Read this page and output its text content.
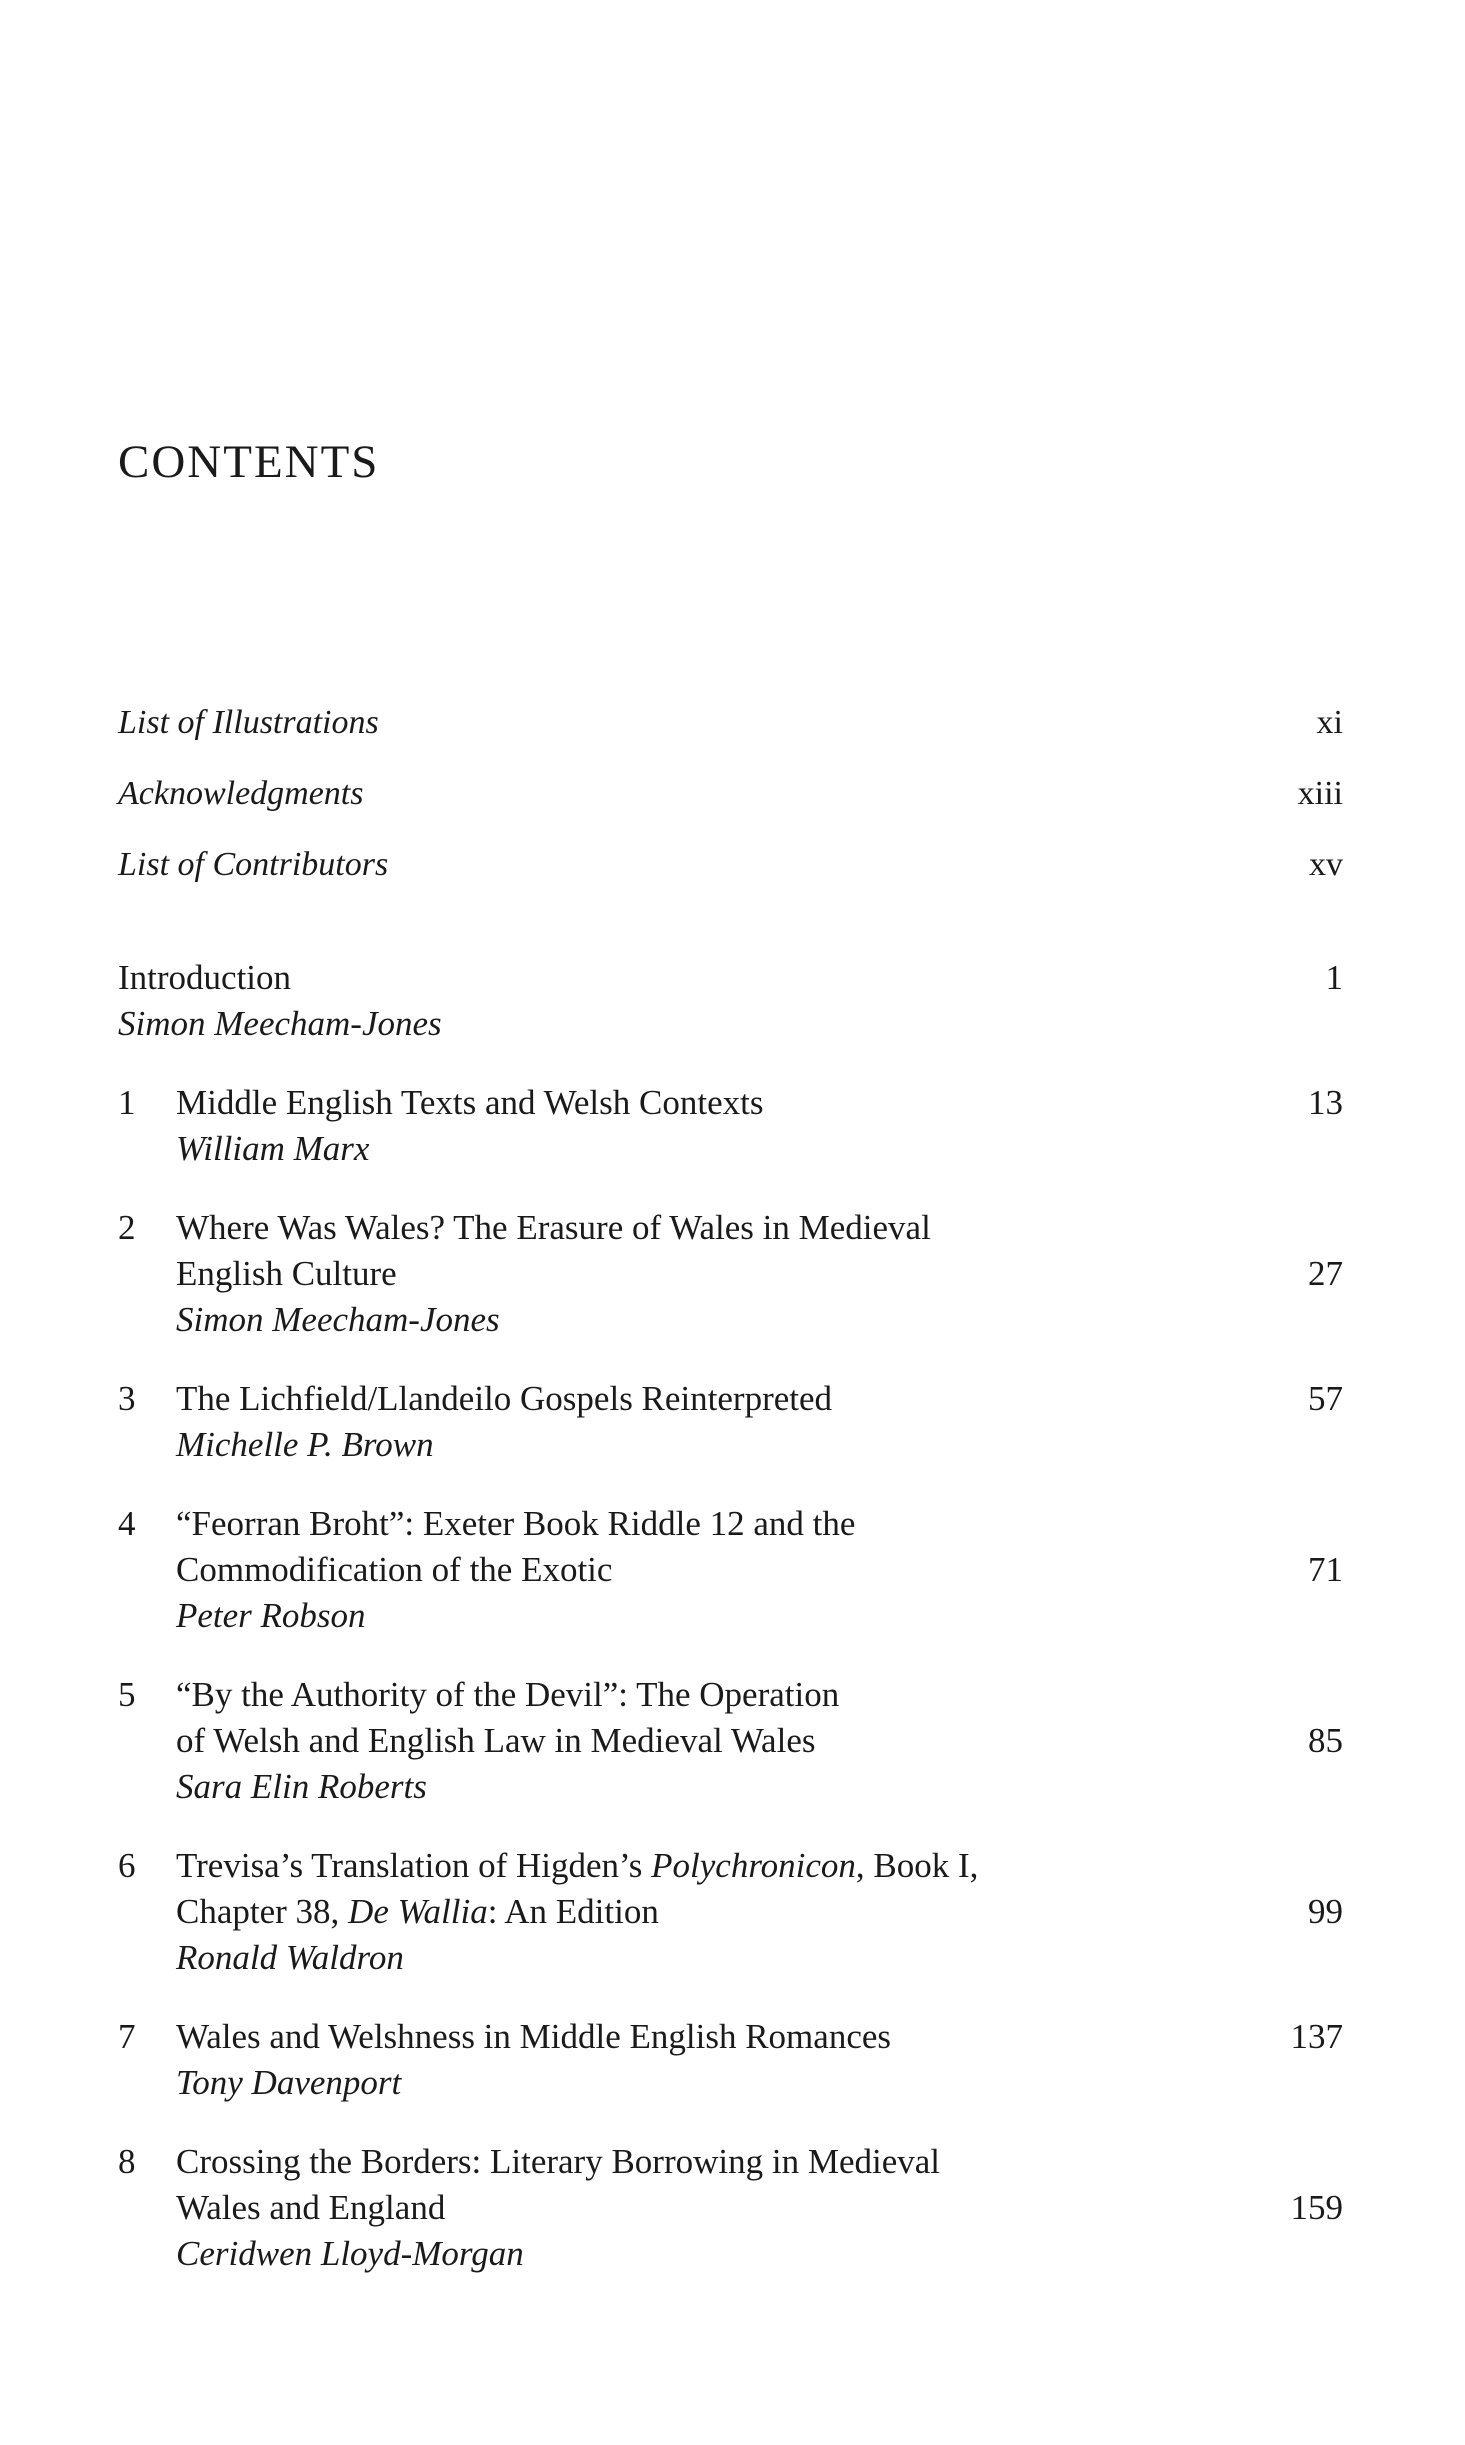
CONTENTS
List of Illustrations	xi
Acknowledgments	xiii
List of Contributors	xv
Introduction	1
Simon Meecham-Jones
1	Middle English Texts and Welsh Contexts	13
William Marx
2	Where Was Wales? The Erasure of Wales in Medieval
English Culture	27
Simon Meecham-Jones
3	The Lichfield/Llandeilo Gospels Reinterpreted	57
Michelle P. Brown
4	“Feorran Broht”: Exeter Book Riddle 12 and the
Commodification of the Exotic	71
Peter Robson
5	“By the Authority of the Devil”: The Operation
of Welsh and English Law in Medieval Wales	85
Sara Elin Roberts
6	Trevisa’s Translation of Higden’s Polychronicon, Book I,
Chapter 38, De Wallia: An Edition	99
Ronald Waldron
7	Wales and Welshness in Middle English Romances	137
Tony Davenport
8	Crossing the Borders: Literary Borrowing in Medieval
Wales and England	159
Ceridwen Lloyd-Morgan
